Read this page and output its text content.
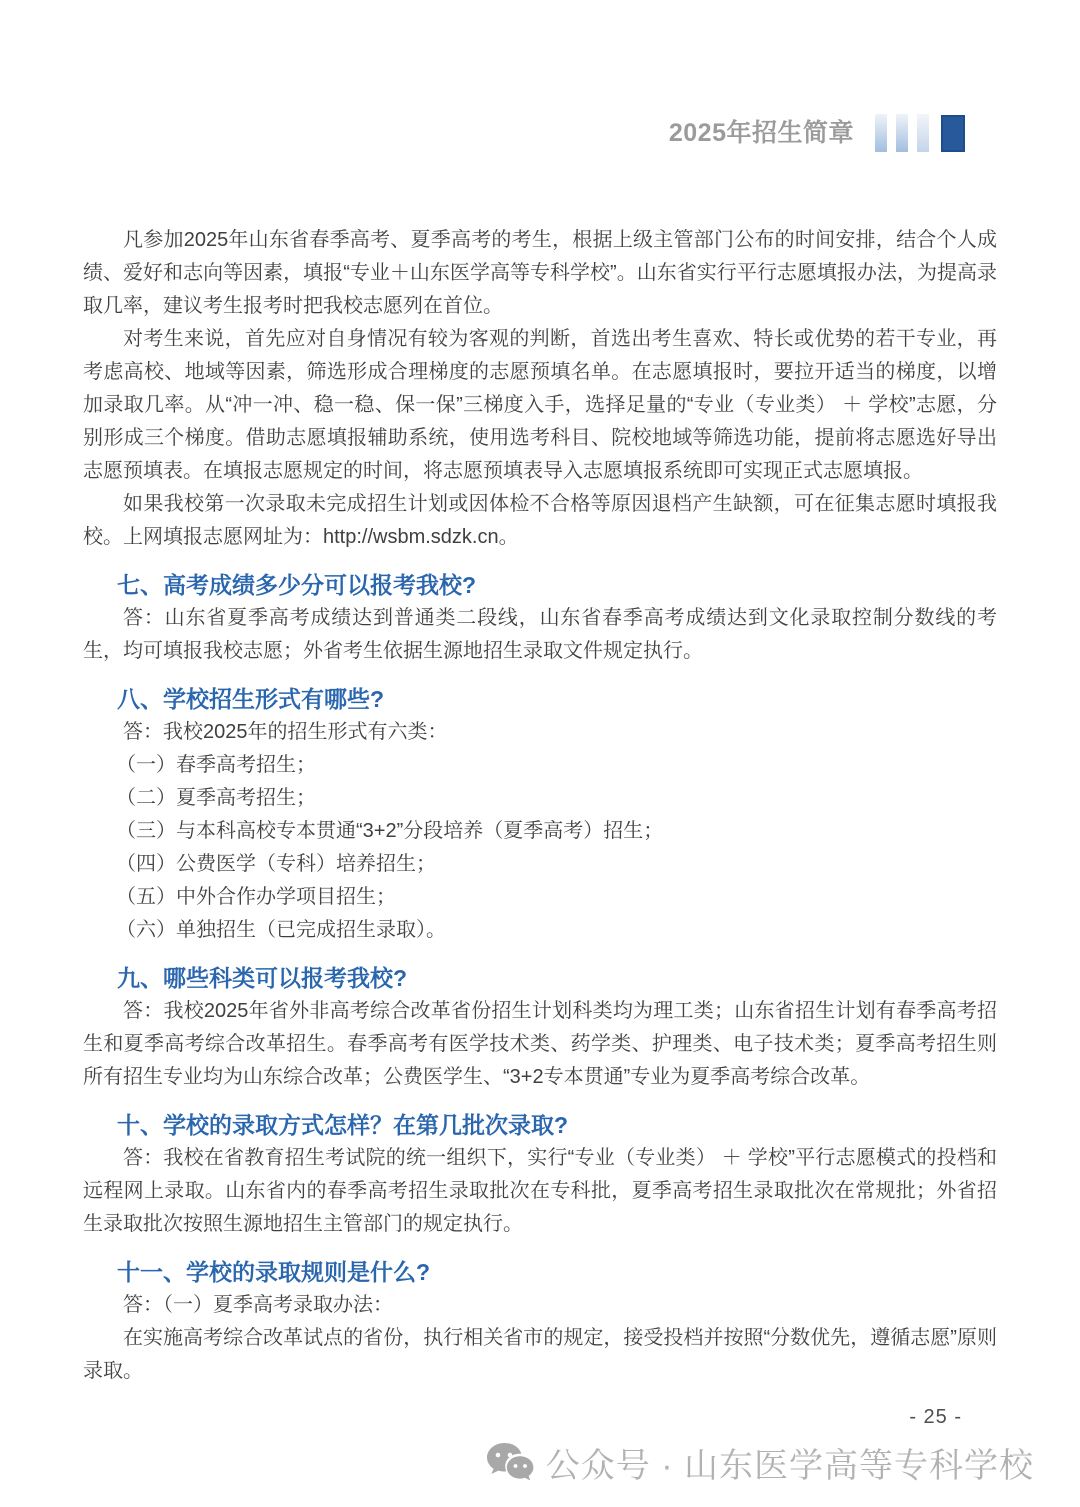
2025年招生简章

凡参加2025年山东省春季高考、夏季高考的考生，根据上级主管部门公布的时间安排，结合个人成绩、爱好和志向等因素，填报“专业＋山东医学高等专科学校”。山东省实行平行志愿填报办法，为提高录取几率，建议考生报考时把我校志愿列在首位。

对考生来说，首先应对自身情况有较为客观的判断，首选出考生喜欢、特长或优势的若干专业，再考虑高校、地域等因素，筛选形成合理梯度的志愿预填名单。在志愿填报时，要拉开适当的梯度，以增加录取几率。从“冲一冲、稳一稳、保一保”三梯度入手，选择足量的“专业（专业类） ＋ 学校”志愿，分别形成三个梯度。借助志愿填报辅助系统，使用选考科目、院校地域等筛选功能，提前将志愿选好导出志愿预填表。在填报志愿规定的时间，将志愿预填表导入志愿填报系统即可实现正式志愿填报。

如果我校第一次录取未完成招生计划或因体检不合格等原因退档产生缺额，可在征集志愿时填报我校。上网填报志愿网址为：http://wsbm.sdzk.cn。

七、高考成绩多少分可以报考我校?

答：山东省夏季高考成绩达到普通类二段线，山东省春季高考成绩达到文化录取控制分数线的考生，均可填报我校志愿；外省考生依据生源地招生录取文件规定执行。

八、学校招生形式有哪些?

答：我校2025年的招生形式有六类：

（一）春季高考招生；

（二）夏季高考招生；

（三）与本科高校专本贯通“3+2”分段培养（夏季高考）招生；

（四）公费医学（专科）培养招生；

（五）中外合作办学项目招生；

（六）单独招生（已完成招生录取）。

九、哪些科类可以报考我校?

答：我校2025年省外非高考综合改革省份招生计划科类均为理工类；山东省招生计划有春季高考招生和夏季高考综合改革招生。春季高考有医学技术类、药学类、护理类、电子技术类；夏季高考招生则所有招生专业均为山东综合改革；公费医学生、“3+2专本贯通”专业为夏季高考综合改革。

十、学校的录取方式怎样？在第几批次录取?

答：我校在省教育招生考试院的统一组织下，实行“专业（专业类） ＋ 学校”平行志愿模式的投档和远程网上录取。山东省内的春季高考招生录取批次在专科批，夏季高考招生录取批次在常规批；外省招生录取批次按照生源地招生主管部门的规定执行。

十一、学校的录取规则是什么?

答：（一）夏季高考录取办法：

在实施高考综合改革试点的省份，执行相关省市的规定，接受投档并按照“分数优先，遵循志愿”原则录取。

- 25 -
公众号 · 山东医学高等专科学校
